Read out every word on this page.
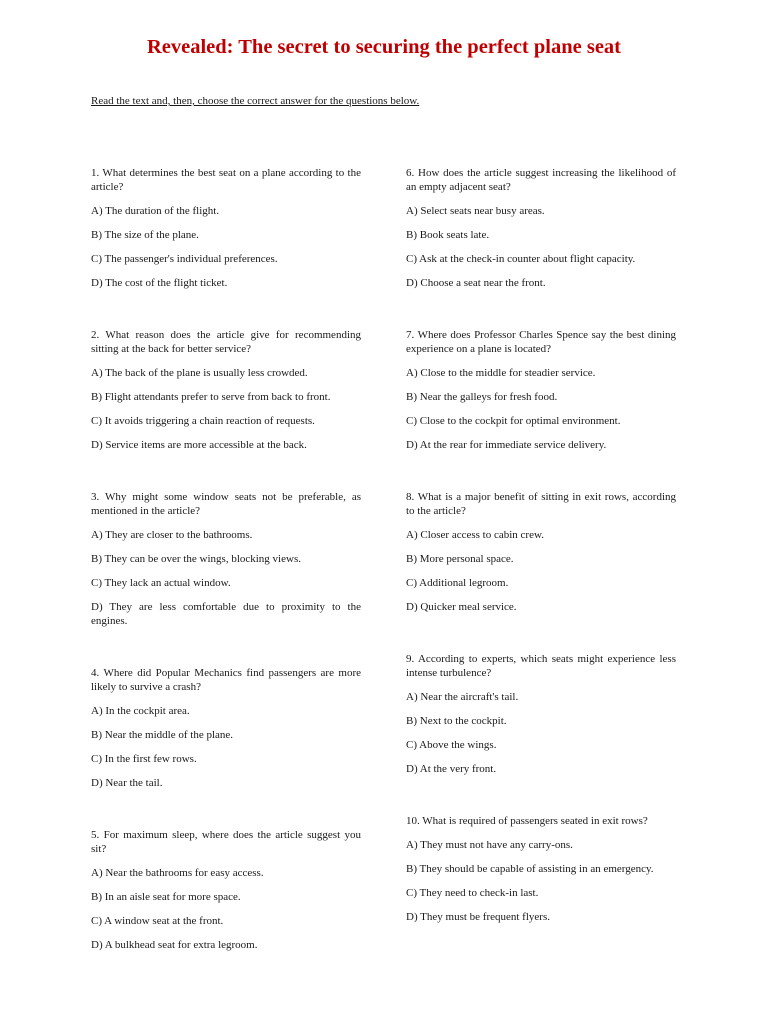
Revealed: The secret to securing the perfect plane seat
Read the text and, then, choose the correct answer for the questions below.

1. What determines the best seat on a plane according to the article?

A) The duration of the flight.
B) The size of the plane.
C) The passenger's individual preferences.
D) The cost of the flight ticket.

2. What reason does the article give for recommending sitting at the back for better service?

A) The back of the plane is usually less crowded.
B) Flight attendants prefer to serve from back to front.
C) It avoids triggering a chain reaction of requests.
D) Service items are more accessible at the back.

3. Why might some window seats not be preferable, as mentioned in the article?

A) They are closer to the bathrooms.
B) They can be over the wings, blocking views.
C) They lack an actual window.
D) They are less comfortable due to proximity to the engines.

4. Where did Popular Mechanics find passengers are more likely to survive a crash?

A) In the cockpit area.
B) Near the middle of the plane.
C) In the first few rows.
D) Near the tail.

5. For maximum sleep, where does the article suggest you sit?

A) Near the bathrooms for easy access.
B) In an aisle seat for more space.
C) A window seat at the front.
D) A bulkhead seat for extra legroom.

6. How does the article suggest increasing the likelihood of an empty adjacent seat?

A) Select seats near busy areas.
B) Book seats late.
C) Ask at the check-in counter about flight capacity.
D) Choose a seat near the front.

7. Where does Professor Charles Spence say the best dining experience on a plane is located?

A) Close to the middle for steadier service.
B) Near the galleys for fresh food.
C) Close to the cockpit for optimal environment.
D) At the rear for immediate service delivery.

8. What is a major benefit of sitting in exit rows, according to the article?

A) Closer access to cabin crew.
B) More personal space.
C) Additional legroom.
D) Quicker meal service.

9. According to experts, which seats might experience less intense turbulence?

A) Near the aircraft's tail.
B) Next to the cockpit.
C) Above the wings.
D) At the very front.

10. What is required of passengers seated in exit rows?

A) They must not have any carry-ons.
B) They should be capable of assisting in an emergency.
C) They need to check-in last.
D) They must be frequent flyers.
